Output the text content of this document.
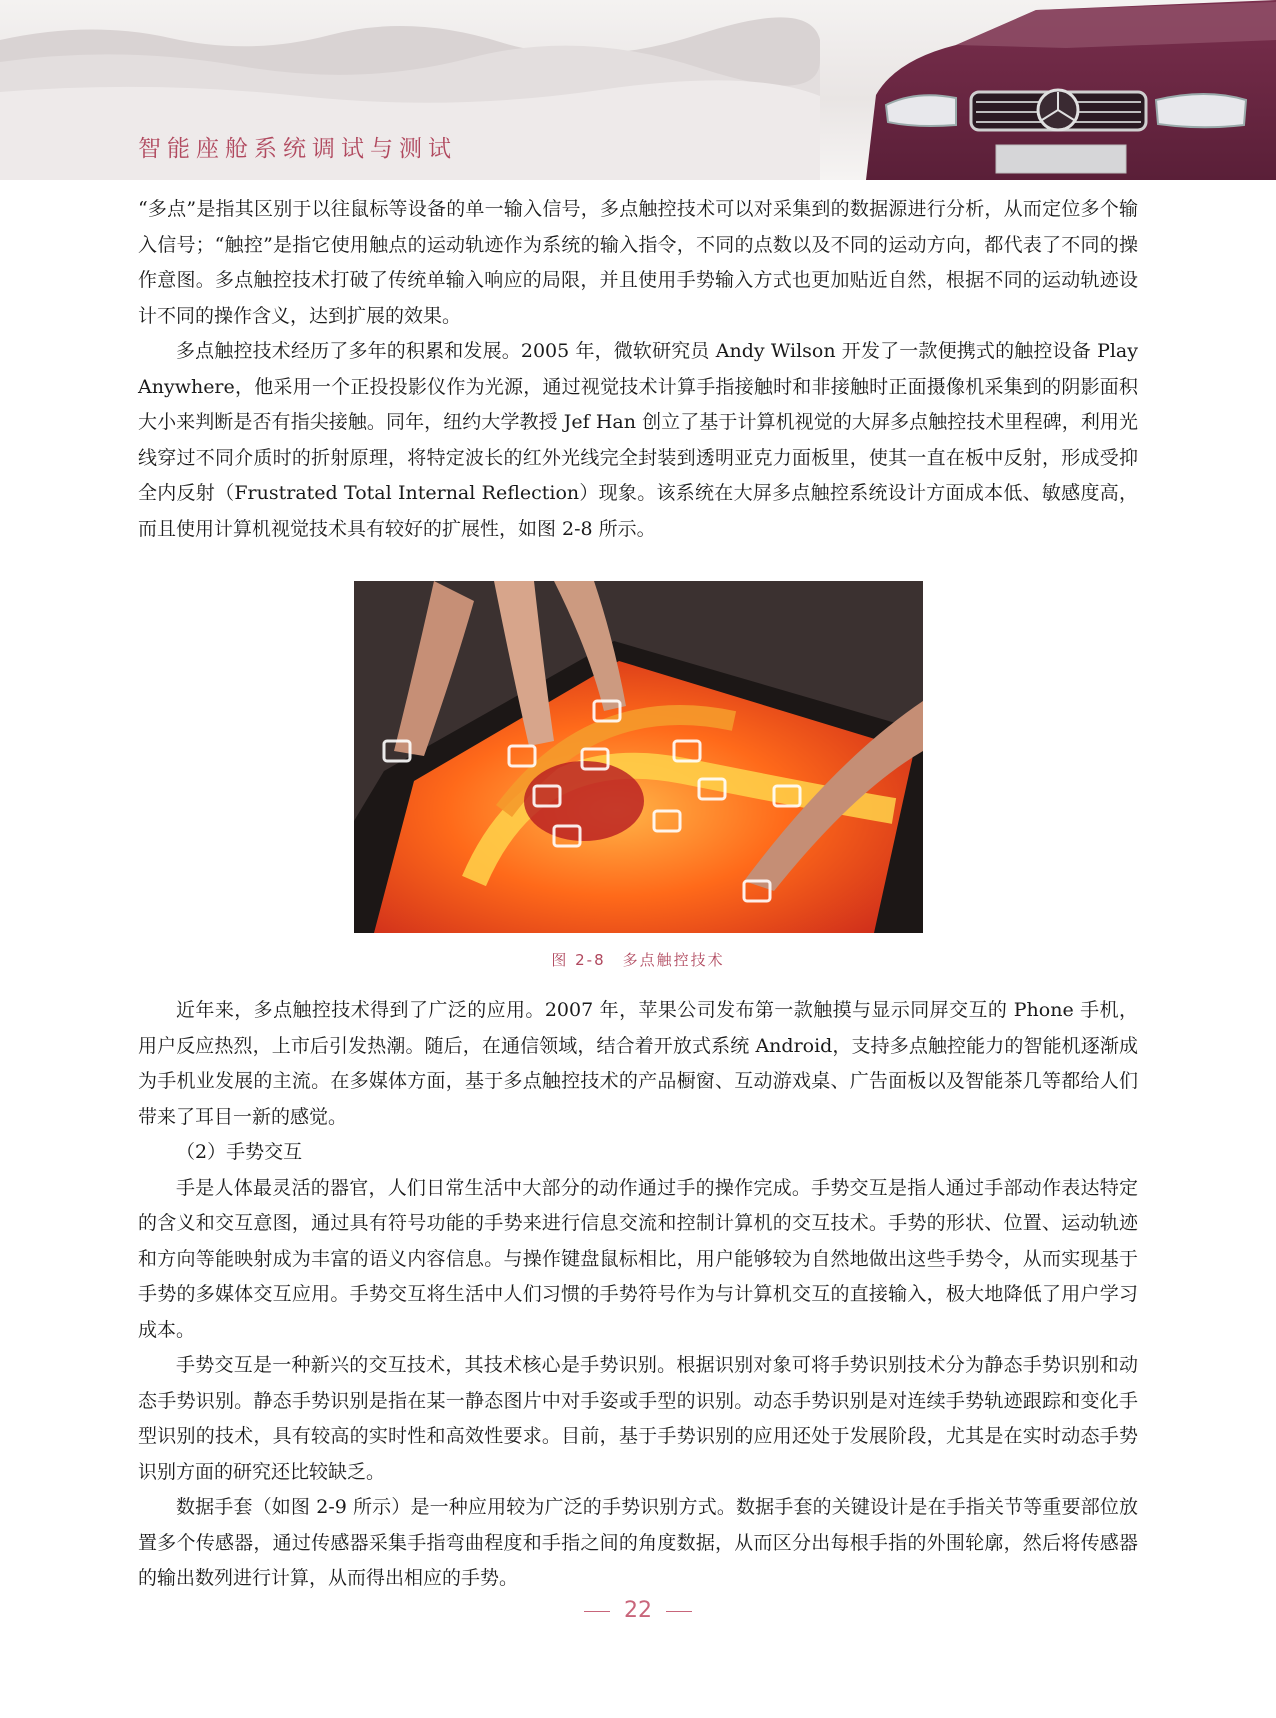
智能座舱系统调试与测试

“多点”是指其区别于以往鼠标等设备的单一输入信号，多点触控技术可以对采集到的数据源进行分析，从而定位多个输入信号；“触控”是指它使用触点的运动轨迹作为系统的输入指令，不同的点数以及不同的运动方向，都代表了不同的操作意图。多点触控技术打破了传统单输入响应的局限，并且使用手势输入方式也更加贴近自然，根据不同的运动轨迹设计不同的操作含义，达到扩展的效果。

多点触控技术经历了多年的积累和发展。2005 年，微软研究员 Andy Wilson 开发了一款便携式的触控设备 Play Anywhere，他采用一个正投投影仪作为光源，通过视觉技术计算手指接触时和非接触时正面摄像机采集到的阴影面积大小来判断是否有指尖接触。同年，纽约大学教授 Jef Han 创立了基于计算机视觉的大屏多点触控技术里程碑，利用光线穿过不同介质时的折射原理，将特定波长的红外光线完全封装到透明亚克力面板里，使其一直在板中反射，形成受抑全内反射（Frustrated Total Internal Reflection）现象。该系统在大屏多点触控系统设计方面成本低、敏感度高，而且使用计算机视觉技术具有较好的扩展性，如图 2-8 所示。

图 2-8　多点触控技术

近年来，多点触控技术得到了广泛的应用。2007 年，苹果公司发布第一款触摸与显示同屏交互的 Phone 手机，用户反应热烈，上市后引发热潮。随后，在通信领域，结合着开放式系统 Android，支持多点触控能力的智能机逐渐成为手机业发展的主流。在多媒体方面，基于多点触控技术的产品橱窗、互动游戏桌、广告面板以及智能茶几等都给人们带来了耳目一新的感觉。

（2）手势交互

手是人体最灵活的器官，人们日常生活中大部分的动作通过手的操作完成。手势交互是指人通过手部动作表达特定的含义和交互意图，通过具有符号功能的手势来进行信息交流和控制计算机的交互技术。手势的形状、位置、运动轨迹和方向等能映射成为丰富的语义内容信息。与操作键盘鼠标相比，用户能够较为自然地做出这些手势令，从而实现基于手势的多媒体交互应用。手势交互将生活中人们习惯的手势符号作为与计算机交互的直接输入，极大地降低了用户学习成本。

手势交互是一种新兴的交互技术，其技术核心是手势识别。根据识别对象可将手势识别技术分为静态手势识别和动态手势识别。静态手势识别是指在某一静态图片中对手姿或手型的识别。动态手势识别是对连续手势轨迹跟踪和变化手型识别的技术，具有较高的实时性和高效性要求。目前，基于手势识别的应用还处于发展阶段，尤其是在实时动态手势识别方面的研究还比较缺乏。

数据手套（如图 2-9 所示）是一种应用较为广泛的手势识别方式。数据手套的关键设计是在手指关节等重要部位放置多个传感器，通过传感器采集手指弯曲程度和手指之间的角度数据，从而区分出每根手指的外围轮廓，然后将传感器的输出数列进行计算，从而得出相应的手势。

22
